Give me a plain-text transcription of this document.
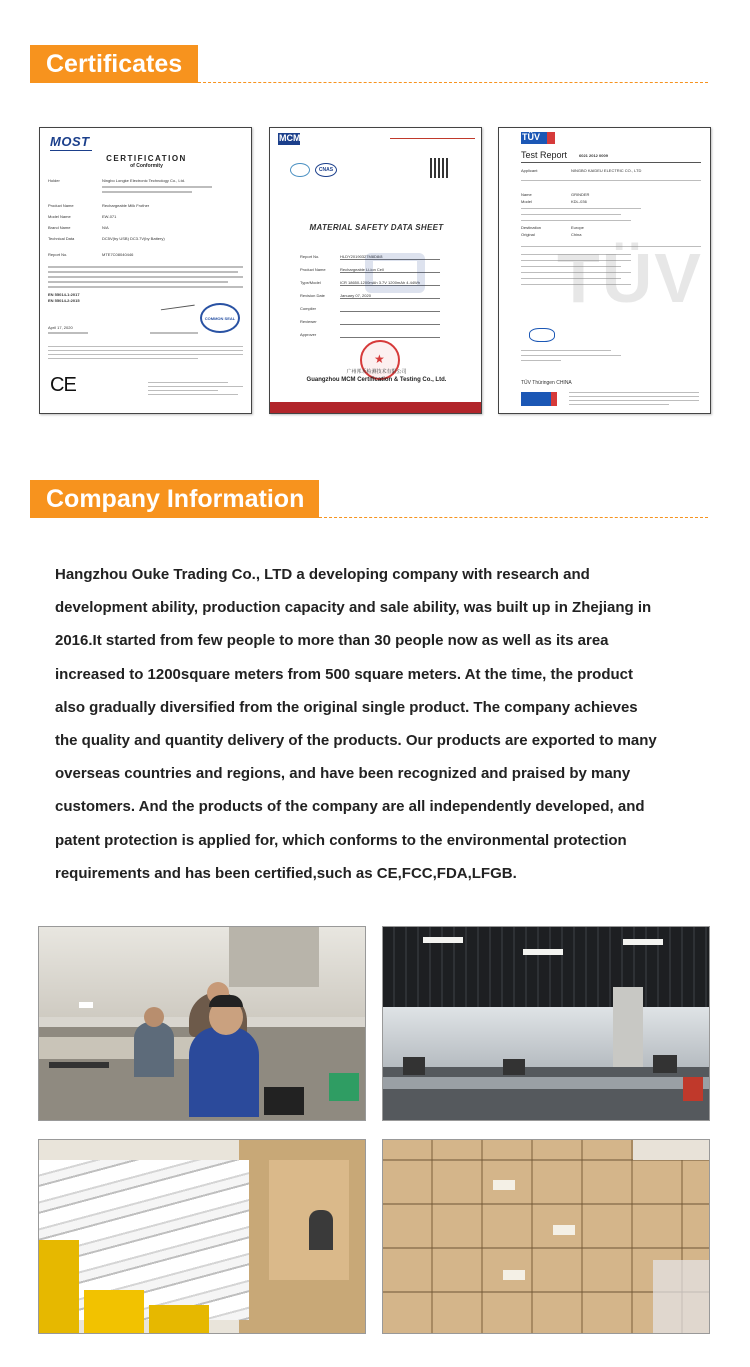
Certificates
MOST
CERTIFICATION
of Conformity
Holder	Ningbo Longke Electronic Technology Co., Ltd.
Product Name	Rechargeable Milk Frother
Model Name	EW-071
Brand Name	N/A
Technical Data	DC5V(by USB) DC3.7V(by Battery)
Report No.	MTE7C08040446
EN 55014-1:2017
EN 55014-2:2015
COMMON SEAL
April 17, 2020
CE
MCM
CNAS
MATERIAL SAFETY DATA SHEET
Report No.	HLDY20190327M8D8/8
Product Name	Rechargeable Li-ion Cell
Type/Model	ICR 18650-1200mAh 3.7V 1200mAh 4.44Wh
Revision Date	January 07, 2020
Compiler
Reviewer
Approver
★
广州邦禾检测技术有限公司
Guangzhou MCM Certification & Testing Co., Ltd.
TÜV
Test Report	6021 2012 0009
Applicant	NINGBO KAIDEU ELECTRIC CO., LTD
Name	GRINDER
Model	KDL-036
Destination	Europe
Original	China
TÜV
TÜV Thüringen CHINA
Company Information
Hangzhou Ouke Trading Co., LTD a developing company with research and
development ability, production capacity and sale ability, was built up in Zhejiang in
2016.It started from few people to more than 30 people now as well as its area
increased to 1200square meters from 500 square meters. At the time, the product
also gradually diversified from the original single product. The company achieves
the quality and quantity delivery of the products. Our products are exported to many
overseas countries and regions, and have been recognized and praised by many
customers. And the products of the company are all independently developed, and
patent protection is applied for, which conforms to the environmental protection
requirements and has been certified,such as CE,FCC,FDA,LFGB.
